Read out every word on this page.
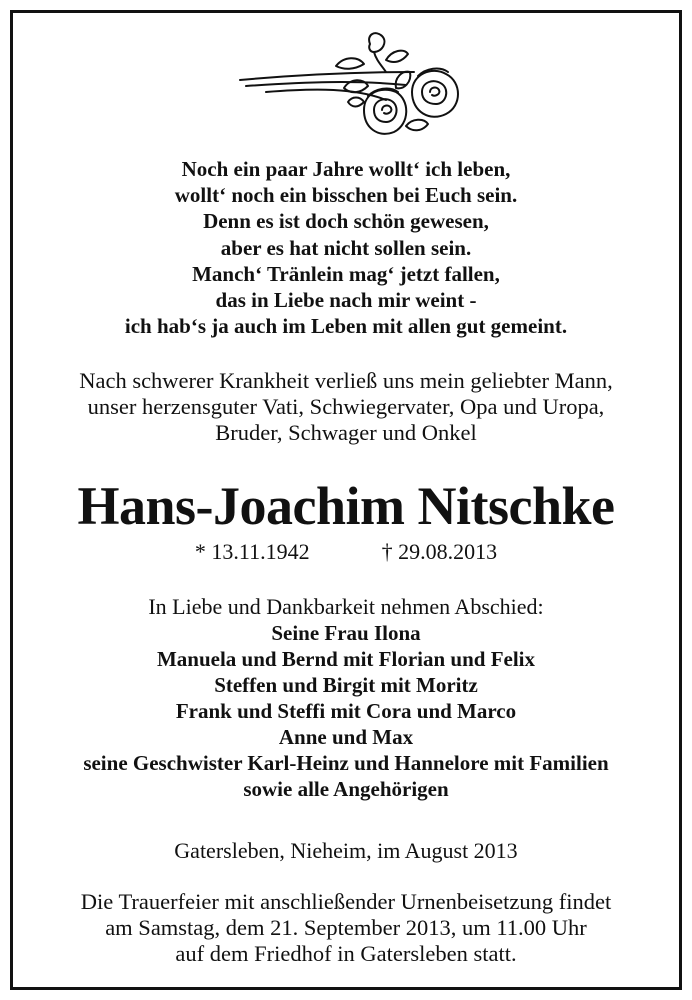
Noch ein paar Jahre wollt‘ ich leben,
wollt‘ noch ein bisschen bei Euch sein.
Denn es ist doch schön gewesen,
aber es hat nicht sollen sein.
Manch‘ Tränlein mag‘ jetzt fallen,
das in Liebe nach mir weint -
ich hab‘s ja auch im Leben mit allen gut gemeint.
Nach schwerer Krankheit verließ uns mein geliebter Mann,
unser herzensguter Vati, Schwiegervater, Opa und Uropa,
Bruder, Schwager und Onkel
Hans-Joachim Nitschke
* 13.11.1942	† 29.08.2013
In Liebe und Dankbarkeit nehmen Abschied:
Seine Frau Ilona
Manuela und Bernd mit Florian und Felix
Steffen und Birgit mit Moritz
Frank und Steffi mit Cora und Marco
Anne und Max
seine Geschwister Karl-Heinz und Hannelore mit Familien
sowie alle Angehörigen
Gatersleben, Nieheim, im August 2013
Die Trauerfeier mit anschließender Urnenbeisetzung findet
am Samstag, dem 21. September 2013, um 11.00 Uhr
auf dem Friedhof in Gatersleben statt.
